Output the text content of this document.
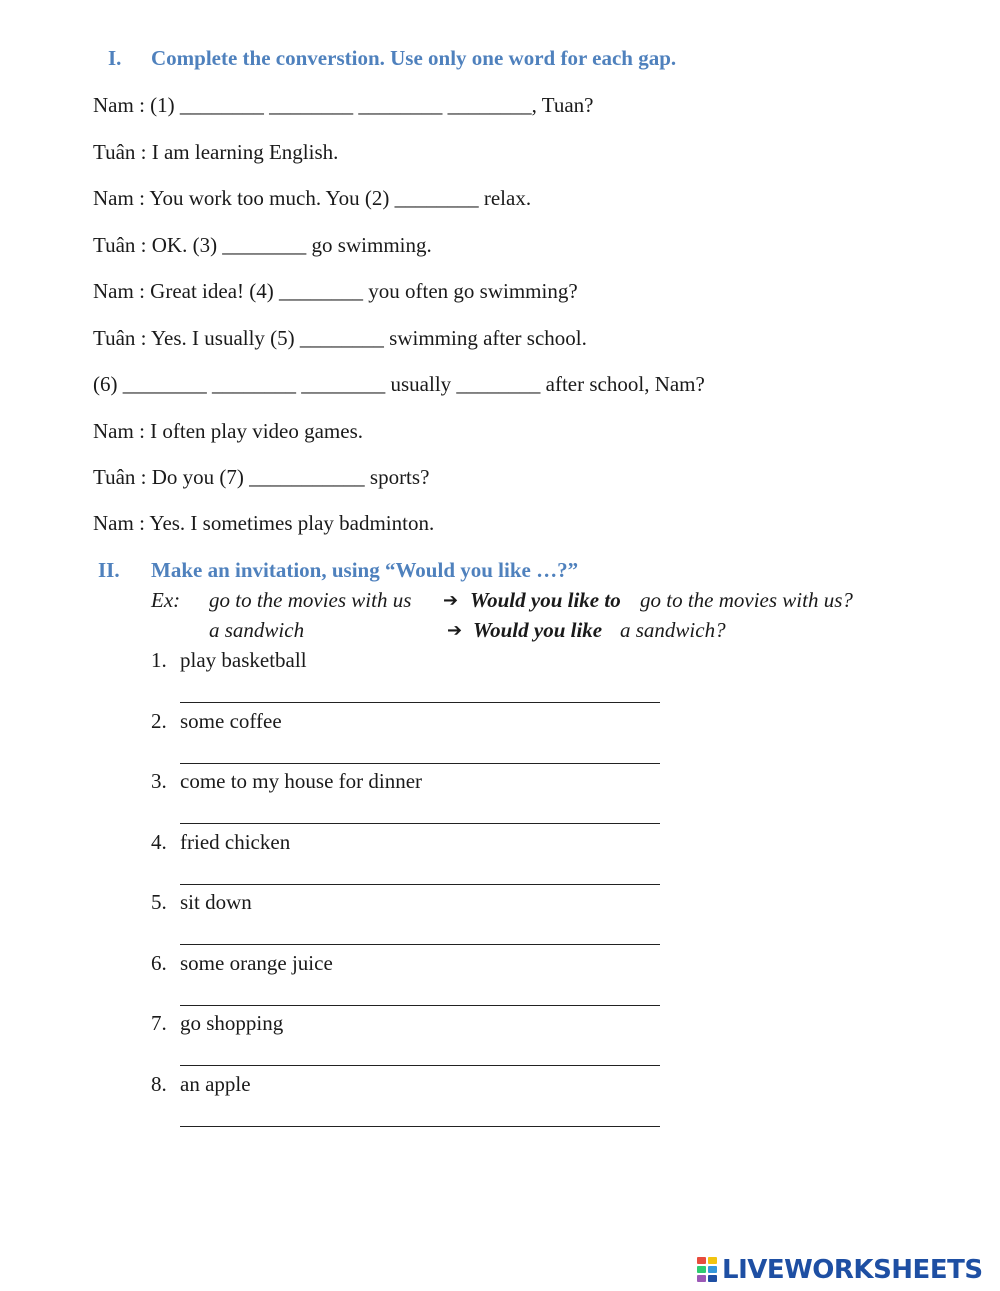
I. Complete the converstion. Use only one word for each gap.
Nam : (1) ________ ________ ________ ________, Tuan?
Tuân : I am learning English.
Nam : You work too much. You (2) ________ relax.
Tuân : OK. (3) ________ go swimming.
Nam : Great idea! (4) ________ you often go swimming?
Tuân : Yes. I usually (5) ________ swimming after school.
(6) ________ ________ ________ usually ________ after school, Nam?
Nam : I often play video games.
Tuân : Do you (7) ___________ sports?
Nam : Yes. I sometimes play badminton.
II. Make an invitation, using “Would you like …?”
Ex: go to the movies with us ➔ Would you like to go to the movies with us?
a sandwich	➔ Would you like a sandwich?
1. play basketball
2. some coffee
3. come to my house for dinner
4. fried chicken
5. sit down
6. some orange juice
7. go shopping
8. an apple
LIVEWORKSHEETS
